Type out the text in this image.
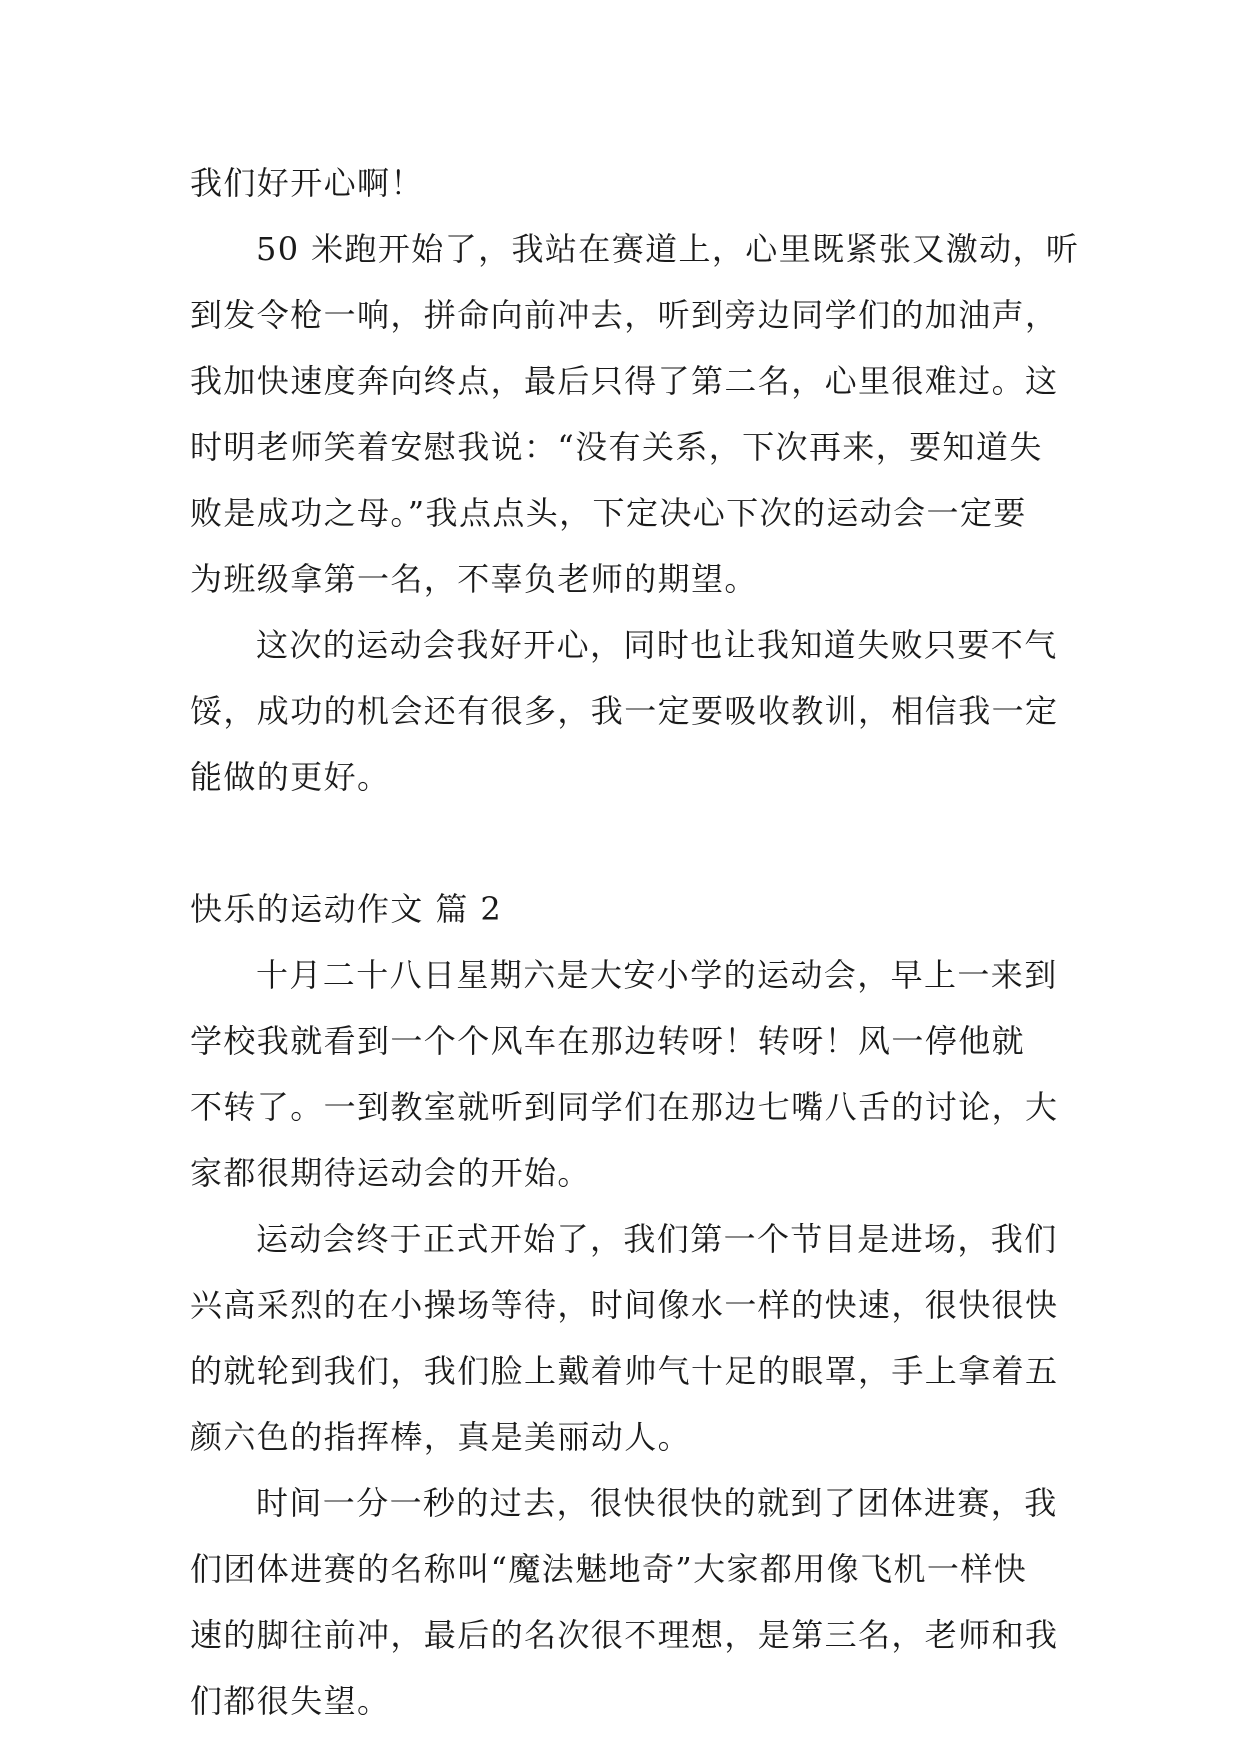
我们好开心啊！
50 米跑开始了，我站在赛道上，心里既紧张又激动，听
到发令枪一响，拼命向前冲去，听到旁边同学们的加油声，
我加快速度奔向终点，最后只得了第二名，心里很难过。这
时明老师笑着安慰我说：“没有关系，下次再来，要知道失
败是成功之母。”我点点头，下定决心下次的运动会一定要
为班级拿第一名，不辜负老师的期望。
这次的运动会我好开心，同时也让我知道失败只要不气
馁，成功的机会还有很多，我一定要吸收教训，相信我一定
能做的更好。
快乐的运动作文 篇 2
十月二十八日星期六是大安小学的运动会，早上一来到
学校我就看到一个个风车在那边转呀！转呀！风一停他就
不转了。一到教室就听到同学们在那边七嘴八舌的讨论，大
家都很期待运动会的开始。
运动会终于正式开始了，我们第一个节目是进场，我们
兴高采烈的在小操场等待，时间像水一样的快速，很快很快
的就轮到我们，我们脸上戴着帅气十足的眼罩，手上拿着五
颜六色的指挥棒，真是美丽动人。
时间一分一秒的过去，很快很快的就到了团体进赛，我
们团体进赛的名称叫“魔法魅地奇”大家都用像飞机一样快
速的脚往前冲，最后的名次很不理想，是第三名，老师和我
们都很失望。
